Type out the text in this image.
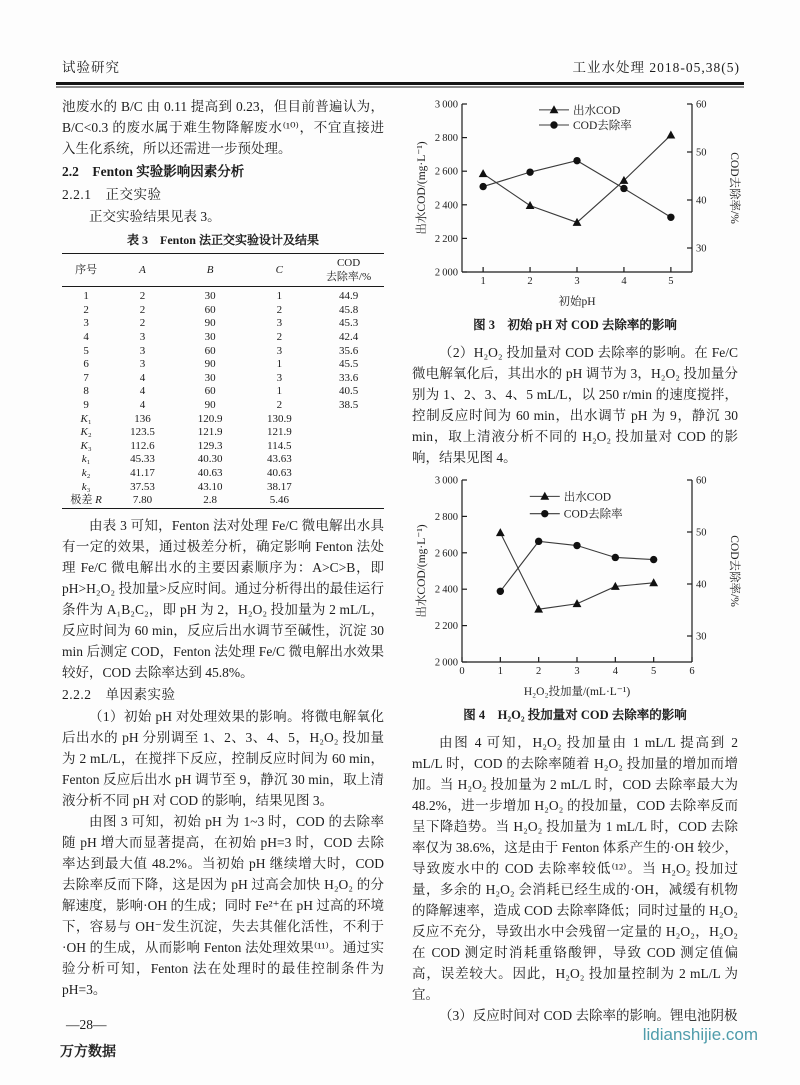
试验研究	工业水处理 2018-05,38(5)

池废水的 B/C 由 0.11 提高到 0.23，但目前普遍认为，B/C<0.3 的废水属于难生物降解废水⁽¹⁰⁾，不宜直接进入生化系统，所以还需进一步预处理。

2.2　Fenton 实验影响因素分析

2.2.1　正交实验

正交实验结果见表 3。

表 3　Fenton 法正交实验设计及结果
序号	A	B	C	COD
去除率/%
1	2	30	1	44.9
2	2	60	2	45.8
3	2	90	3	45.3
4	3	30	2	42.4
5	3	60	3	35.6
6	3	90	1	45.5
7	4	30	3	33.6
8	4	60	1	40.5
9	4	90	2	38.5
K₁	136	120.9	130.9	
K₂	123.5	121.9	121.9	
K₃	112.6	129.3	114.5	
k₁	45.33	40.30	43.63	
k₂	41.17	40.63	40.63	
k₃	37.53	43.10	38.17	
极差 R	7.80	2.8	5.46	

由表 3 可知，Fenton 法对处理 Fe/C 微电解出水具有一定的效果，通过极差分析，确定影响 Fenton 法处理 Fe/C 微电解出水的主要因素顺序为：A>C>B，即 pH>H₂O₂ 投加量>反应时间。通过分析得出的最佳运行条件为 A₁B₂C₂，即 pH 为 2，H₂O₂ 投加量为 2 mL/L，反应时间为 60 min，反应后出水调节至碱性，沉淀 30 min 后测定 COD，Fenton 法处理 Fe/C 微电解出水效果较好，COD 去除率达到 45.8%。

2.2.2　单因素实验

（1）初始 pH 对处理效果的影响。将微电解氧化后出水的 pH 分别调至 1、2、3、4、5，H₂O₂ 投加量为 2 mL/L，在搅拌下反应，控制反应时间为 60 min，Fenton 反应后出水 pH 调节至 9，静沉 30 min，取上清液分析不同 pH 对 COD 的影响，结果见图 3。

由图 3 可知，初始 pH 为 1~3 时，COD 的去除率随 pH 增大而显著提高，在初始 pH=3 时，COD 去除率达到最大值 48.2%。当初始 pH 继续增大时，COD 去除率反而下降，这是因为 pH 过高会加快 H₂O₂ 的分解速度，影响·OH 的生成；同时 Fe²⁺在 pH 过高的环境下，容易与 OH⁻发生沉淀，失去其催化活性，不利于·OH 的生成，从而影响 Fenton 法处理效果⁽¹¹⁾。通过实验分析可知，Fenton 法在处理时的最佳控制条件为 pH=3。

2 000
2 200
2 400
2 600
2 800
3 000
30
40
50
60
1	2	3	4	5
初始pH
出水COD/(mg·L⁻¹)	COD去除率/%
出水COD
COD去除率
图 3　初始 pH 对 COD 去除率的影响

（2）H₂O₂ 投加量对 COD 去除率的影响。在 Fe/C 微电解氧化后，其出水的 pH 调节为 3，H₂O₂ 投加量分别为 1、2、3、4、5 mL/L，以 250 r/min 的速度搅拌，控制反应时间为 60 min，出水调节 pH 为 9，静沉 30 min，取上清液分析不同的 H₂O₂ 投加量对 COD 的影响，结果见图 4。

2 000
2 200
2 400
2 600
2 800
3 000
30
40
50
60
0	1	2	3	4	5	6
H₂O₂投加量/(mL·L⁻¹)
出水COD/(mg·L⁻¹)	COD去除率/%
出水COD
COD去除率
图 4　H₂O₂ 投加量对 COD 去除率的影响

由图 4 可知，H₂O₂ 投加量由 1 mL/L 提高到 2 mL/L 时，COD 的去除率随着 H₂O₂ 投加量的增加而增加。当 H₂O₂ 投加量为 2 mL/L 时，COD 去除率最大为 48.2%，进一步增加 H₂O₂ 的投加量，COD 去除率反而呈下降趋势。当 H₂O₂ 投加量为 1 mL/L 时，COD 去除率仅为 38.6%，这是由于 Fenton 体系产生的·OH 较少，导致废水中的 COD 去除率较低⁽¹²⁾。当 H₂O₂ 投加过量，多余的 H₂O₂ 会消耗已经生成的·OH，减缓有机物的降解速率，造成 COD 去除率降低；同时过量的 H₂O₂ 反应不充分，导致出水中会残留一定量的 H₂O₂，H₂O₂ 在 COD 测定时消耗重铬酸钾，导致 COD 测定值偏高，误差较大。因此，H₂O₂ 投加量控制为 2 mL/L 为宜。

（3）反应时间对 COD 去除率的影响。锂电池阴极

—28—
万方数据
lidianshijie.com
